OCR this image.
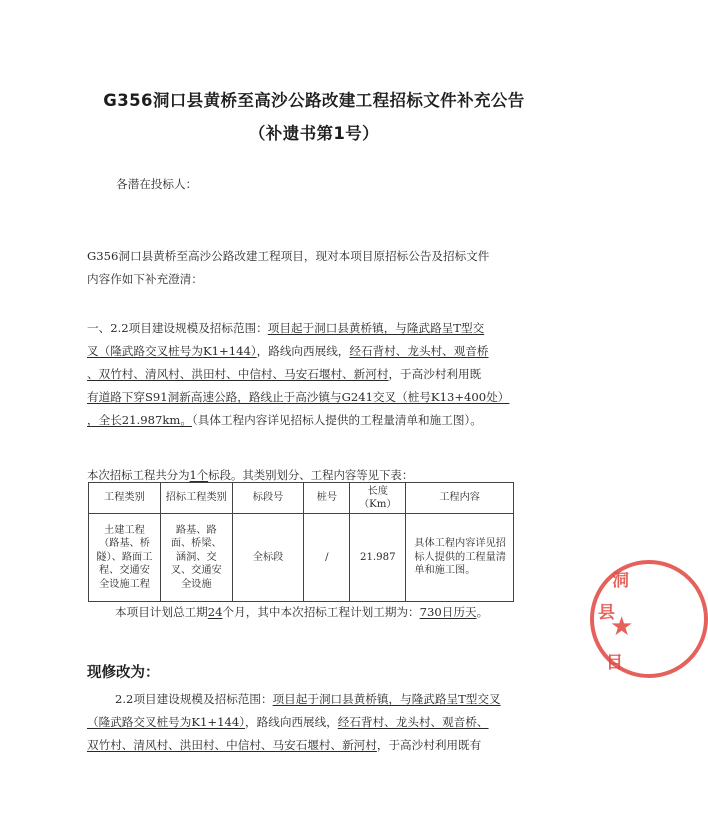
G356洞口县黄桥至高沙公路改建工程招标文件补充公告
（补遗书第1号）
各潜在投标人：
G356洞口县黄桥至高沙公路改建工程项目，现对本项目原招标公告及招标文件
内容作如下补充澄清：
一、2.2项目建设规模及招标范围：项目起于洞口县黄桥镇，与隆武路呈T型交
叉（隆武路交叉桩号为K1+144），路线向西展线，经石背村、龙头村、观音桥
、双竹村、清风村、洪田村、中信村、马安石堰村、新河村，于高沙村利用既
有道路下穿S91洞新高速公路，路线止于高沙镇与G241交叉（桩号K13+400处）
，全长21.987km。（具体工程内容详见招标人提供的工程量清单和施工图）。
本次招标工程共分为1个标段。其类别划分、工程内容等见下表：
工程类别	招标工程类别	标段号	桩号	长度（Km）	工程内容
土建工程（路基、桥隧）、路面工程、交通安全设施工程	路基、路面、桥梁、涵洞、交叉、交通安全设施	全标段	/	21.987	具体工程内容详见招标人提供的工程量清单和施工图。
本项目计划总工期24个月，其中本次招标工程计划工期为：730日历天。
现修改为：
2.2项目建设规模及招标范围：项目起于洞口县黄桥镇，与隆武路呈T型交叉
（隆武路交叉桩号为K1+144），路线向西展线，经石背村、龙头村、观音桥、
双竹村、清风村、洪田村、中信村、马安石堰村、新河村，于高沙村利用既有
洞
县
目
★
